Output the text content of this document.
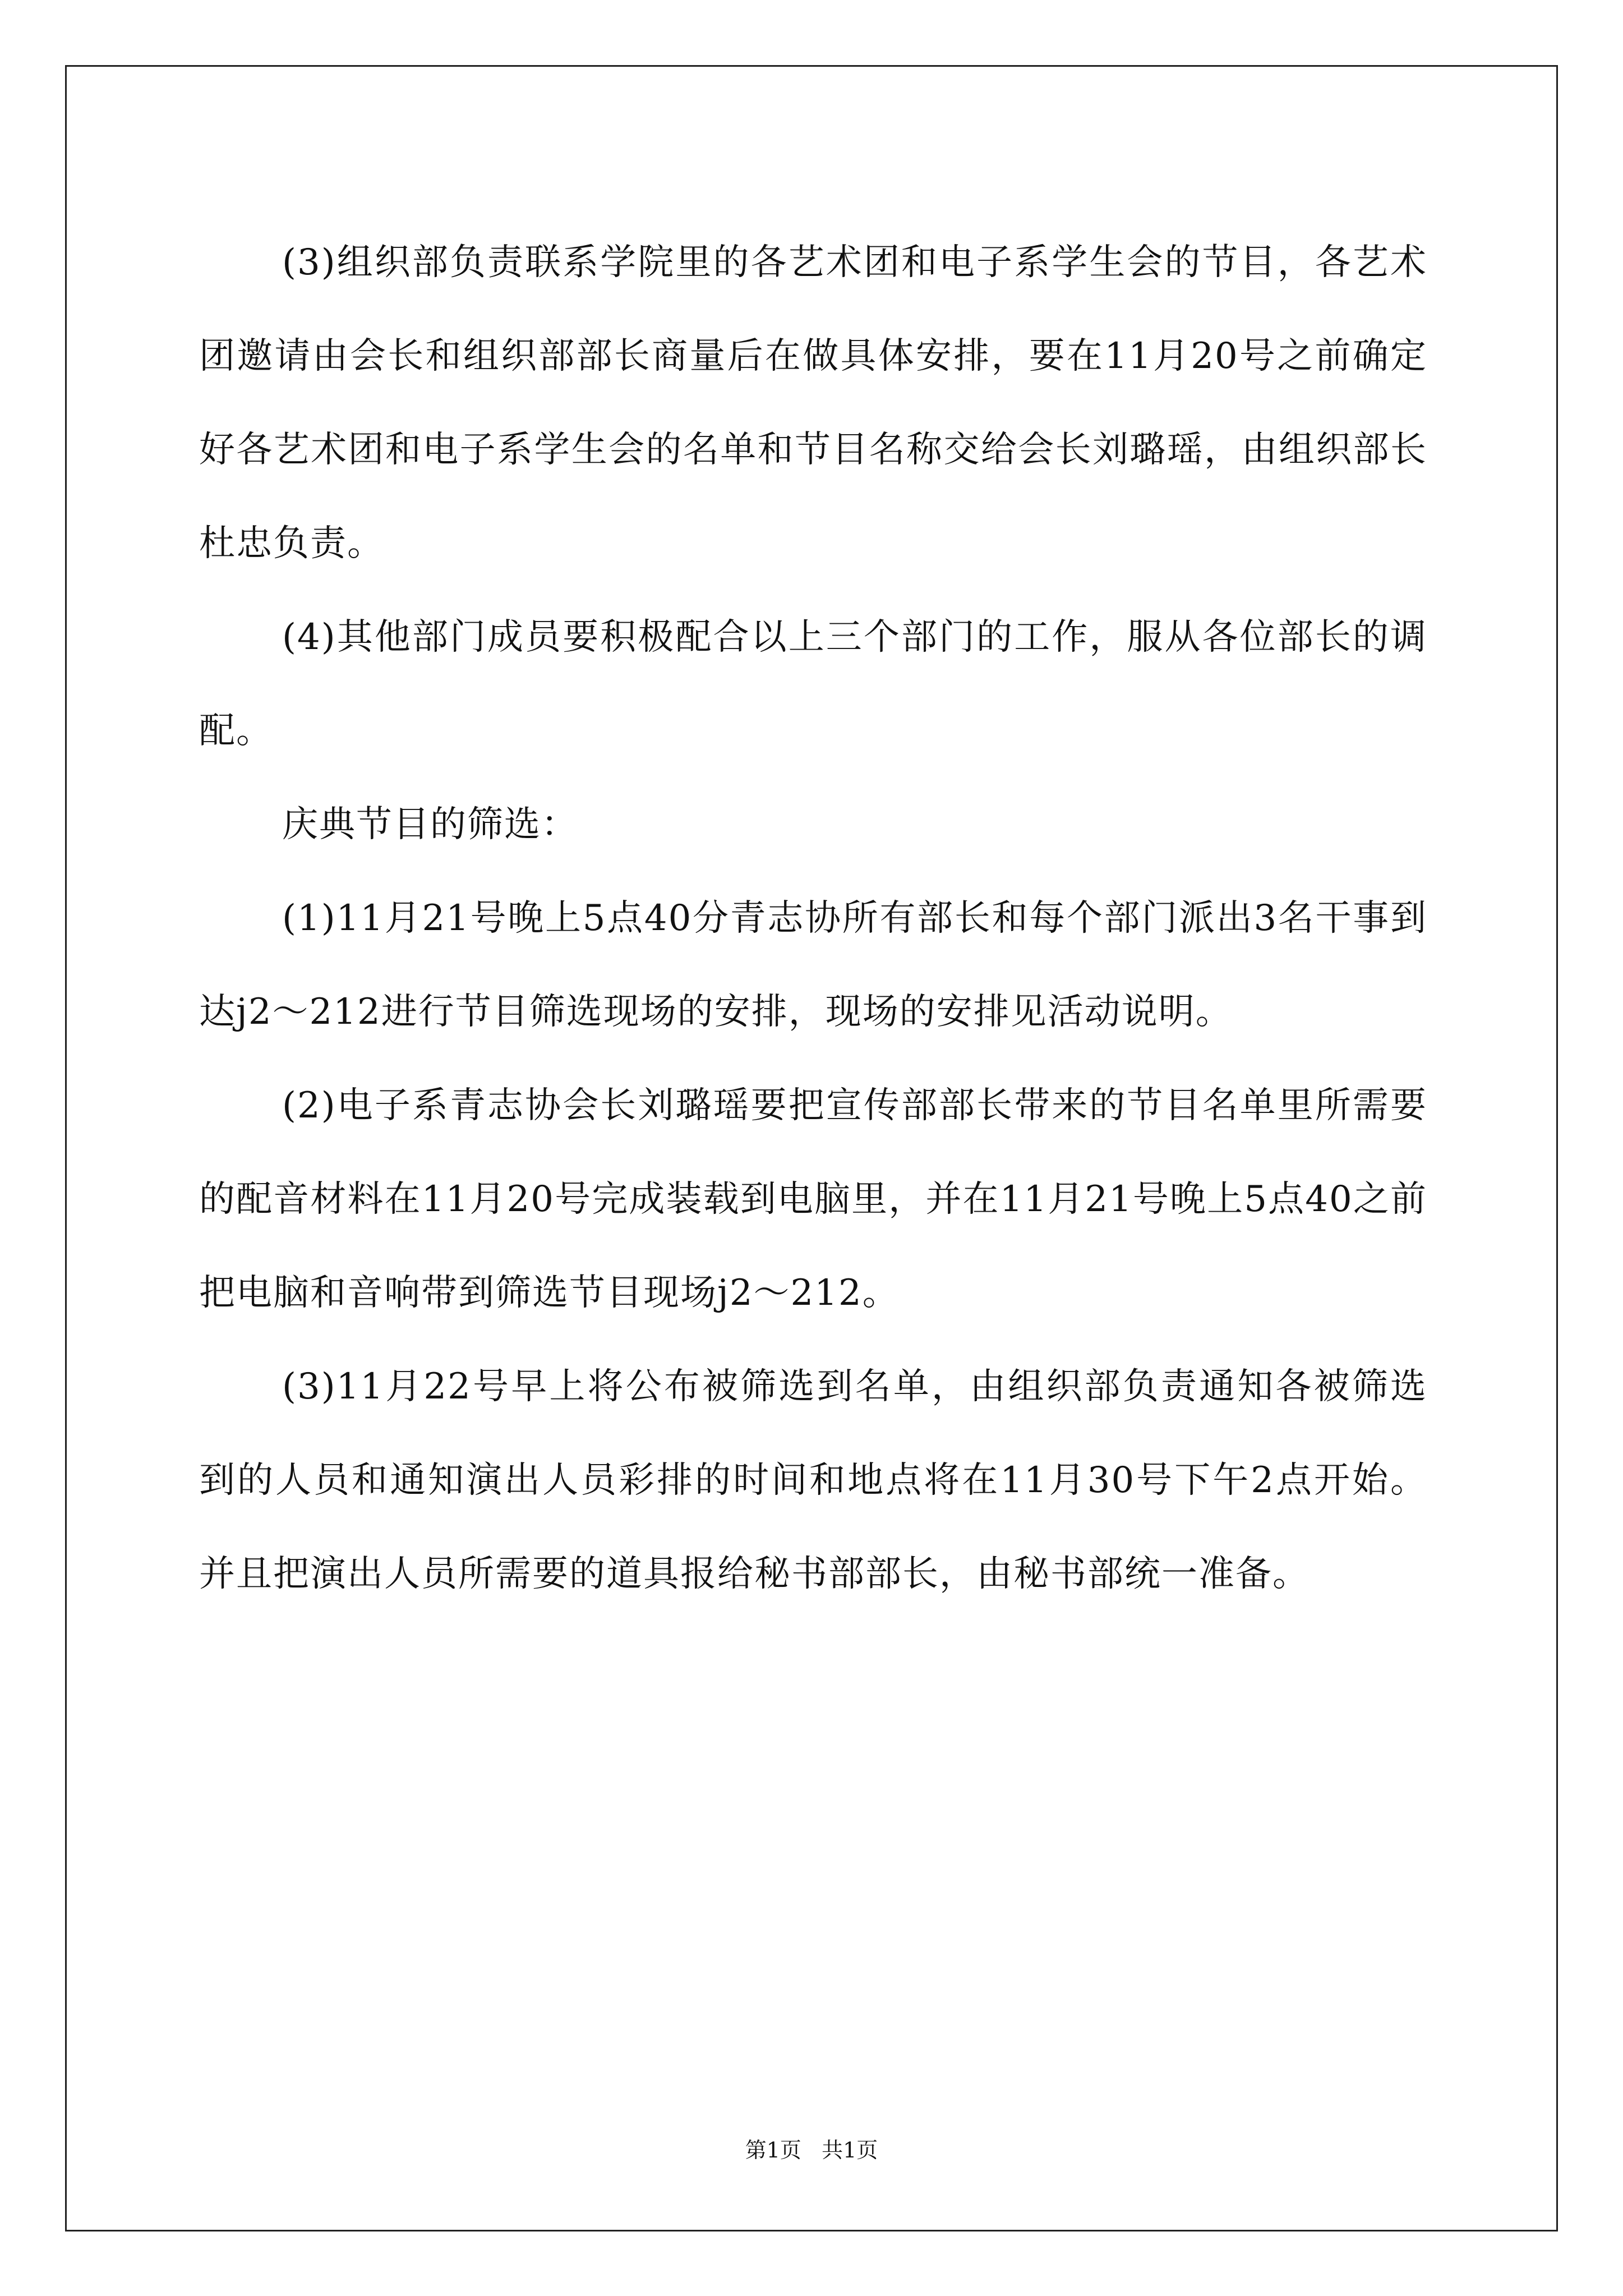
(3)组织部负责联系学院里的各艺术团和电子系学生会的节目，各艺术团邀请由会长和组织部部长商量后在做具体安排，要在11月20号之前确定好各艺术团和电子系学生会的名单和节目名称交给会长刘璐瑶，由组织部长杜忠负责。

(4)其他部门成员要积极配合以上三个部门的工作，服从各位部长的调配。

庆典节目的筛选：

(1)11月21号晚上5点40分青志协所有部长和每个部门派出3名干事到达j2～212进行节目筛选现场的安排，现场的安排见活动说明。

(2)电子系青志协会长刘璐瑶要把宣传部部长带来的节目名单里所需要的配音材料在11月20号完成装载到电脑里，并在11月21号晚上5点40之前把电脑和音响带到筛选节目现场j2～212。

(3)11月22号早上将公布被筛选到名单，由组织部负责通知各被筛选到的人员和通知演出人员彩排的时间和地点将在11月30号下午2点开始。并且把演出人员所需要的道具报给秘书部部长，由秘书部统一准备。

第1页   共1页
